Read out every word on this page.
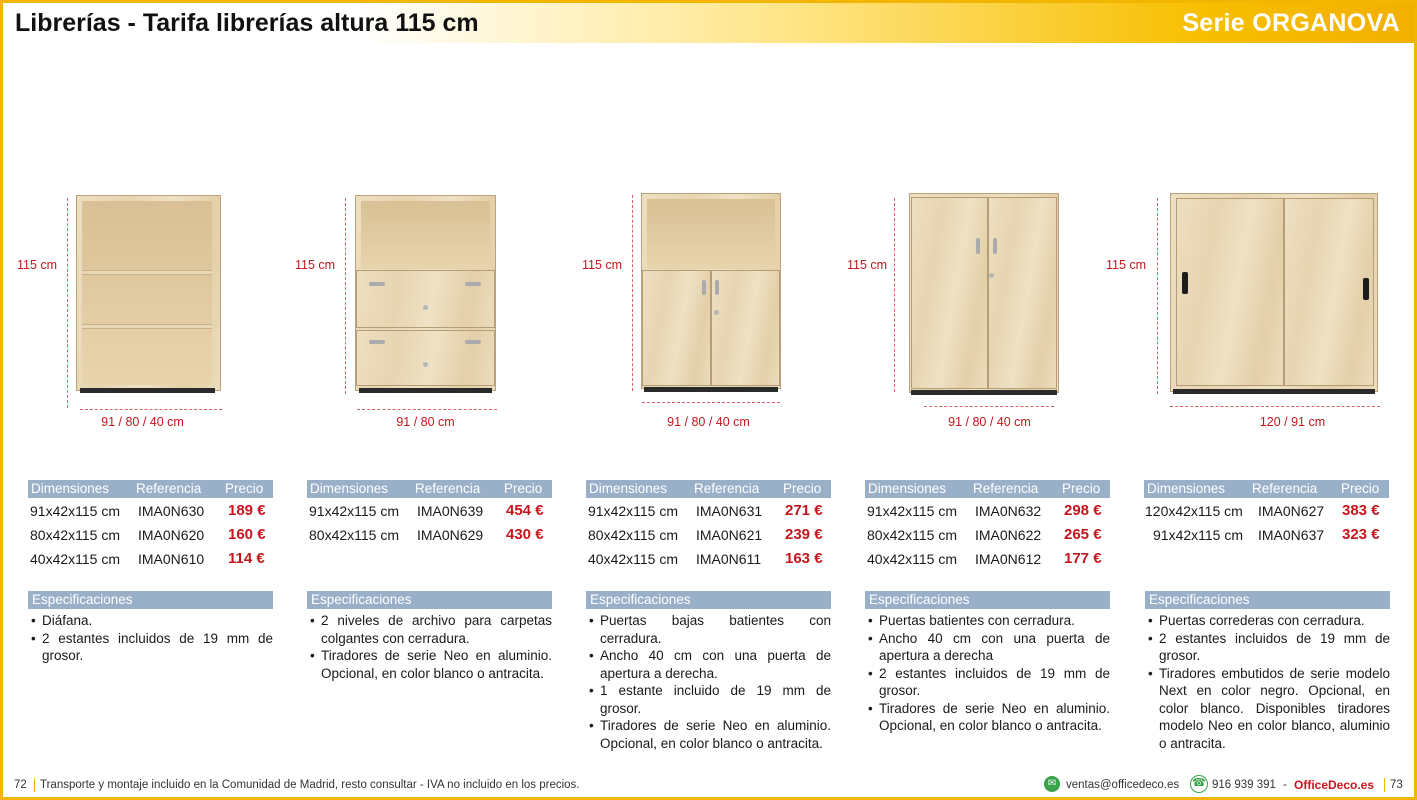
Librerías - Tarifa librerías altura 115 cm	Serie ORGANOVA
115 cm
91 / 80 / 40 cm
115 cm
91 / 80 cm
115 cm
91 / 80 / 40 cm
115 cm
91 / 80 / 40 cm
115 cm
120 / 91 cm
Dimensiones Referencia Precio
91x42x115 cm IMA0N630 189 €
80x42x115 cm IMA0N620 160 €
40x42x115 cm IMA0N610 114 €
Dimensiones Referencia Precio
91x42x115 cm IMA0N639 454 €
80x42x115 cm IMA0N629 430 €
Dimensiones Referencia Precio
91x42x115 cm IMA0N631 271 €
80x42x115 cm IMA0N621 239 €
40x42x115 cm IMA0N611 163 €
Dimensiones Referencia Precio
91x42x115 cm IMA0N632 298 €
80x42x115 cm IMA0N622 265 €
40x42x115 cm IMA0N612 177 €
Dimensiones Referencia Precio
120x42x115 cm IMA0N627 383 €
91x42x115 cm IMA0N637 323 €
Especificaciones
• Diáfana.
• 2 estantes incluidos de 19 mm de grosor.
Especificaciones
• 2 niveles de archivo para carpetas colgantes con cerradura.
• Tiradores de serie Neo en aluminio. Opcional, en color blanco o antracita.
Especificaciones
• Puertas bajas batientes con cerradura.
• Ancho 40 cm con una puerta de apertura a derecha.
• 1 estante incluido de 19 mm de grosor.
• Tiradores de serie Neo en aluminio. Opcional, en color blanco o antracita.
Especificaciones
• Puertas batientes con cerradura.
• Ancho 40 cm con una puerta de apertura a derecha
• 2 estantes incluidos de 19 mm de grosor.
• Tiradores de serie Neo en aluminio. Opcional, en color blanco o antracita.
Especificaciones
• Puertas correderas con cerradura.
• 2 estantes incluidos de 19 mm de grosor.
• Tiradores embutidos de serie modelo Next en color negro. Opcional, en color blanco. Disponibles tiradores modelo Neo en color blanco, aluminio o antracita.
72 Transporte y montaje incluido en la Comunidad de Madrid, resto consultar - IVA no incluido en los precios.	✉ ventas@officedeco.es ☎ 916 939 391 - OfficeDeco.es 73
